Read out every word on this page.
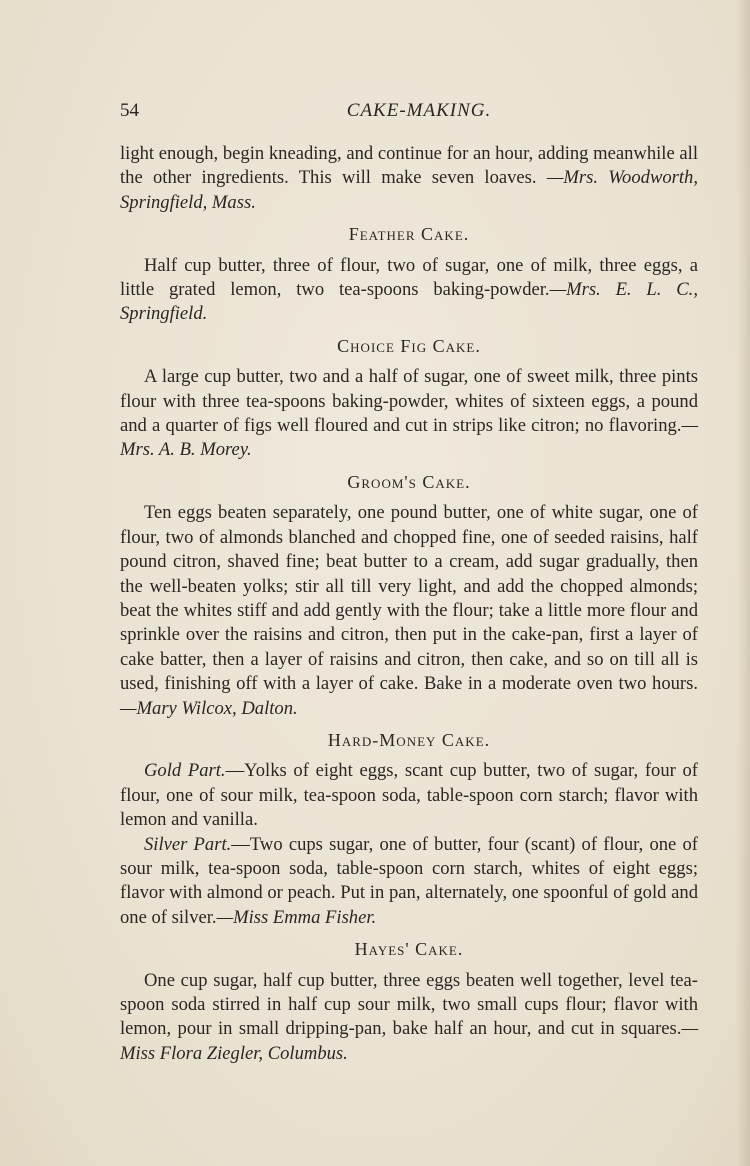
54	CAKE-MAKING.

light enough, begin kneading, and continue for an hour, adding meanwhile all the other ingredients. This will make seven loaves. —Mrs. Woodworth, Springfield, Mass.

Feather Cake.

Half cup butter, three of flour, two of sugar, one of milk, three eggs, a little grated lemon, two tea-spoons baking-powder.—Mrs. E. L. C., Springfield.

Choice Fig Cake.

A large cup butter, two and a half of sugar, one of sweet milk, three pints flour with three tea-spoons baking-powder, whites of sixteen eggs, a pound and a quarter of figs well floured and cut in strips like citron; no flavoring.—Mrs. A. B. Morey.

Groom's Cake.

Ten eggs beaten separately, one pound butter, one of white sugar, one of flour, two of almonds blanched and chopped fine, one of seeded raisins, half pound citron, shaved fine; beat butter to a cream, add sugar gradually, then the well-beaten yolks; stir all till very light, and add the chopped almonds; beat the whites stiff and add gently with the flour; take a little more flour and sprinkle over the raisins and citron, then put in the cake-pan, first a layer of cake batter, then a layer of raisins and citron, then cake, and so on till all is used, finishing off with a layer of cake. Bake in a moderate oven two hours.—Mary Wilcox, Dalton.

Hard-Money Cake.

Gold Part.—Yolks of eight eggs, scant cup butter, two of sugar, four of flour, one of sour milk, tea-spoon soda, table-spoon corn starch; flavor with lemon and vanilla.

Silver Part.—Two cups sugar, one of butter, four (scant) of flour, one of sour milk, tea-spoon soda, table-spoon corn starch, whites of eight eggs; flavor with almond or peach. Put in pan, alternately, one spoonful of gold and one of silver.—Miss Emma Fisher.

Hayes' Cake.

One cup sugar, half cup butter, three eggs beaten well together, level tea-spoon soda stirred in half cup sour milk, two small cups flour; flavor with lemon, pour in small dripping-pan, bake half an hour, and cut in squares.—Miss Flora Ziegler, Columbus.
